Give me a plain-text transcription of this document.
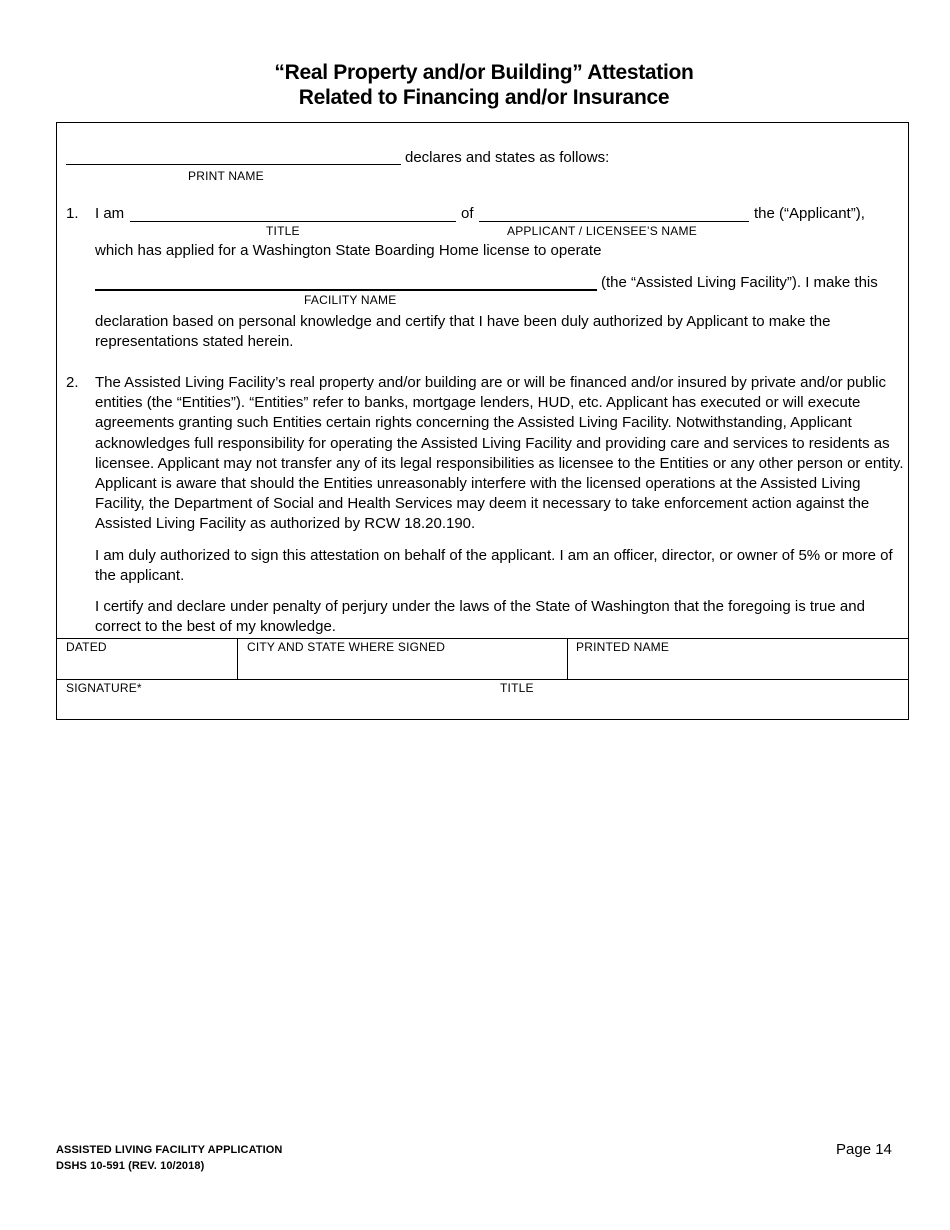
“Real Property and/or Building” Attestation
Related to Financing and/or Insurance
declares and states as follows:
PRINT NAME
1. I am	of	the (“Applicant”),
TITLE	APPLICANT / LICENSEE’S NAME
which has applied for a Washington State Boarding Home license to operate
(the “Assisted Living Facility”). I make this
FACILITY NAME
declaration based on personal knowledge and certify that I have been duly authorized by Applicant to make the representations stated herein.
2. The Assisted Living Facility’s real property and/or building are or will be financed and/or insured by private and/or public entities (the “Entities”). “Entities” refer to banks, mortgage lenders, HUD, etc. Applicant has executed or will execute agreements granting such Entities certain rights concerning the Assisted Living Facility. Notwithstanding, Applicant acknowledges full responsibility for operating the Assisted Living Facility and providing care and services to residents as licensee. Applicant may not transfer any of its legal responsibilities as licensee to the Entities or any other person or entity. Applicant is aware that should the Entities unreasonably interfere with the licensed operations at the Assisted Living Facility, the Department of Social and Health Services may deem it necessary to take enforcement action against the Assisted Living Facility as authorized by RCW 18.20.190.
I am duly authorized to sign this attestation on behalf of the applicant. I am an officer, director, or owner of 5% or more of the applicant.
I certify and declare under penalty of perjury under the laws of the State of Washington that the foregoing is true and correct to the best of my knowledge.
DATED	CITY AND STATE WHERE SIGNED	PRINTED NAME
SIGNATURE*	TITLE
ASSISTED LIVING FACILITY APPLICATION
DSHS 10-591 (REV. 10/2018)
Page 14
